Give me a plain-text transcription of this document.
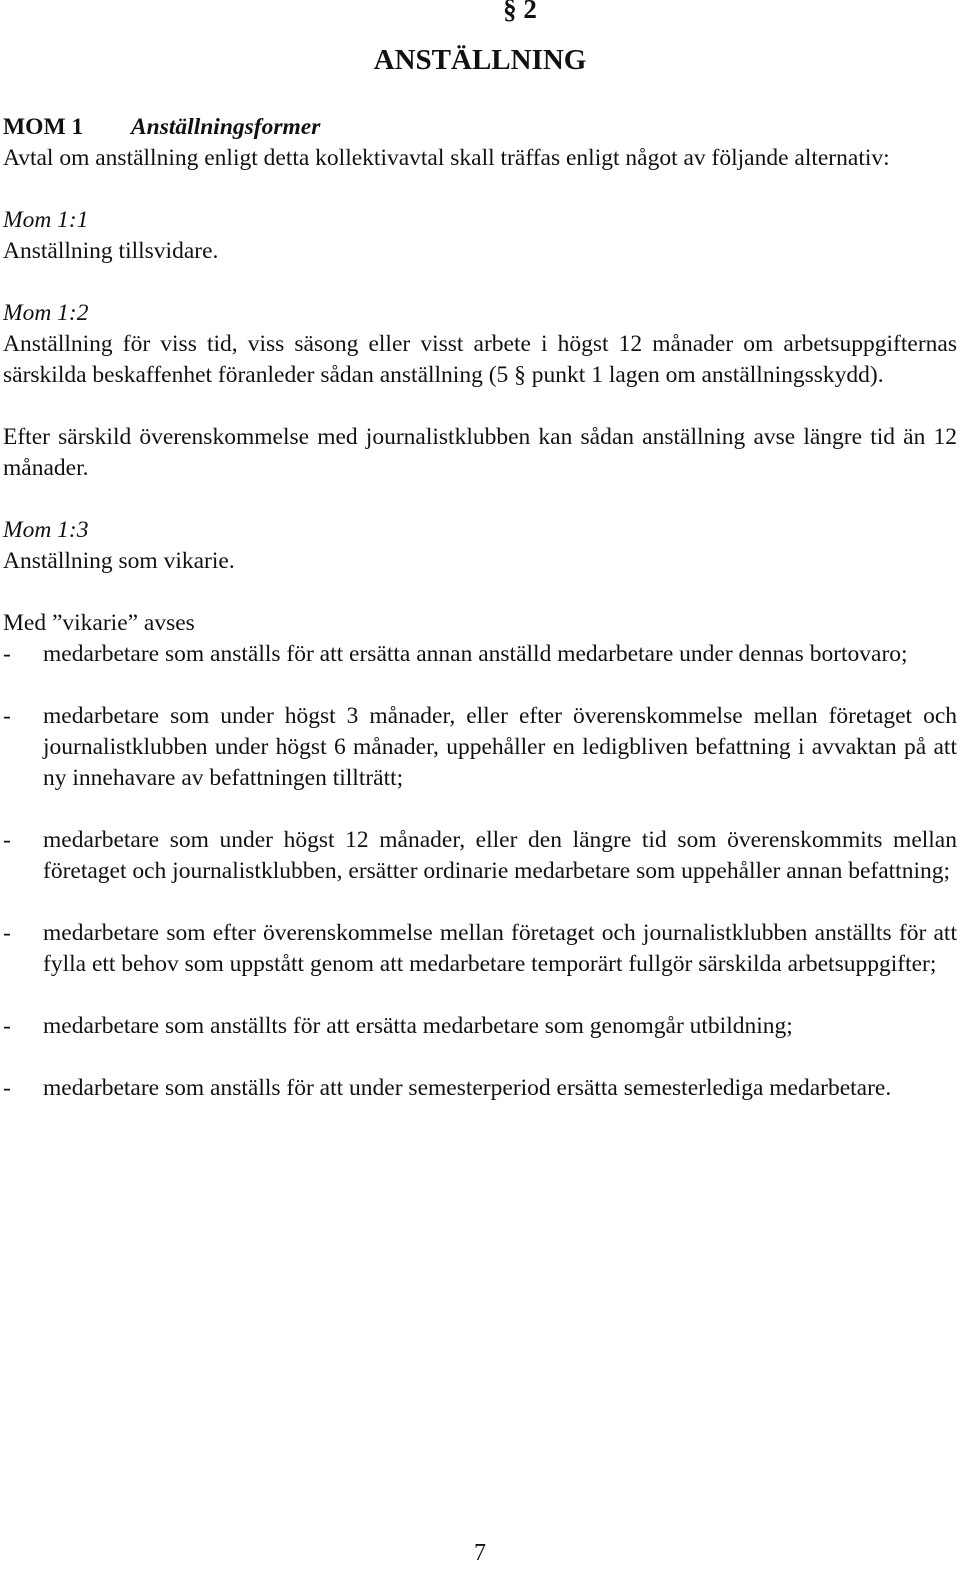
§ 2
ANSTÄLLNING

MOM 1 Anställningsformer

Avtal om anställning enligt detta kollektivavtal skall träffas enligt något av följande alternativ:

Mom 1:1

Anställning tillsvidare.

Mom 1:2

Anställning för viss tid, viss säsong eller visst arbete i högst 12 månader om arbetsuppgifternas särskilda beskaffenhet föranleder sådan anställning (5 § punkt 1 lagen om anställningsskydd).

Efter särskild överenskommelse med journalistklubben kan sådan anställning avse längre tid än 12 månader.

Mom 1:3

Anställning som vikarie.

Med ”vikarie” avses

- medarbetare som anställs för att ersätta annan anställd medarbetare under dennas bortovaro;
- medarbetare som under högst 3 månader, eller efter överenskommelse mellan företaget och journalistklubben under högst 6 månader, uppehåller en ledigbliven befattning i avvaktan på att ny innehavare av befattningen tillträtt;
- medarbetare som under högst 12 månader, eller den längre tid som överenskommits mellan företaget och journalistklubben, ersätter ordinarie medarbetare som uppehåller annan befattning;
- medarbetare som efter överenskommelse mellan företaget och journalistklubben anställts för att fylla ett behov som uppstått genom att medarbetare temporärt fullgör särskilda arbetsuppgifter;
- medarbetare som anställts för att ersätta medarbetare som genomgår utbildning;
- medarbetare som anställs för att under semesterperiod ersätta semesterlediga medarbetare.
7
